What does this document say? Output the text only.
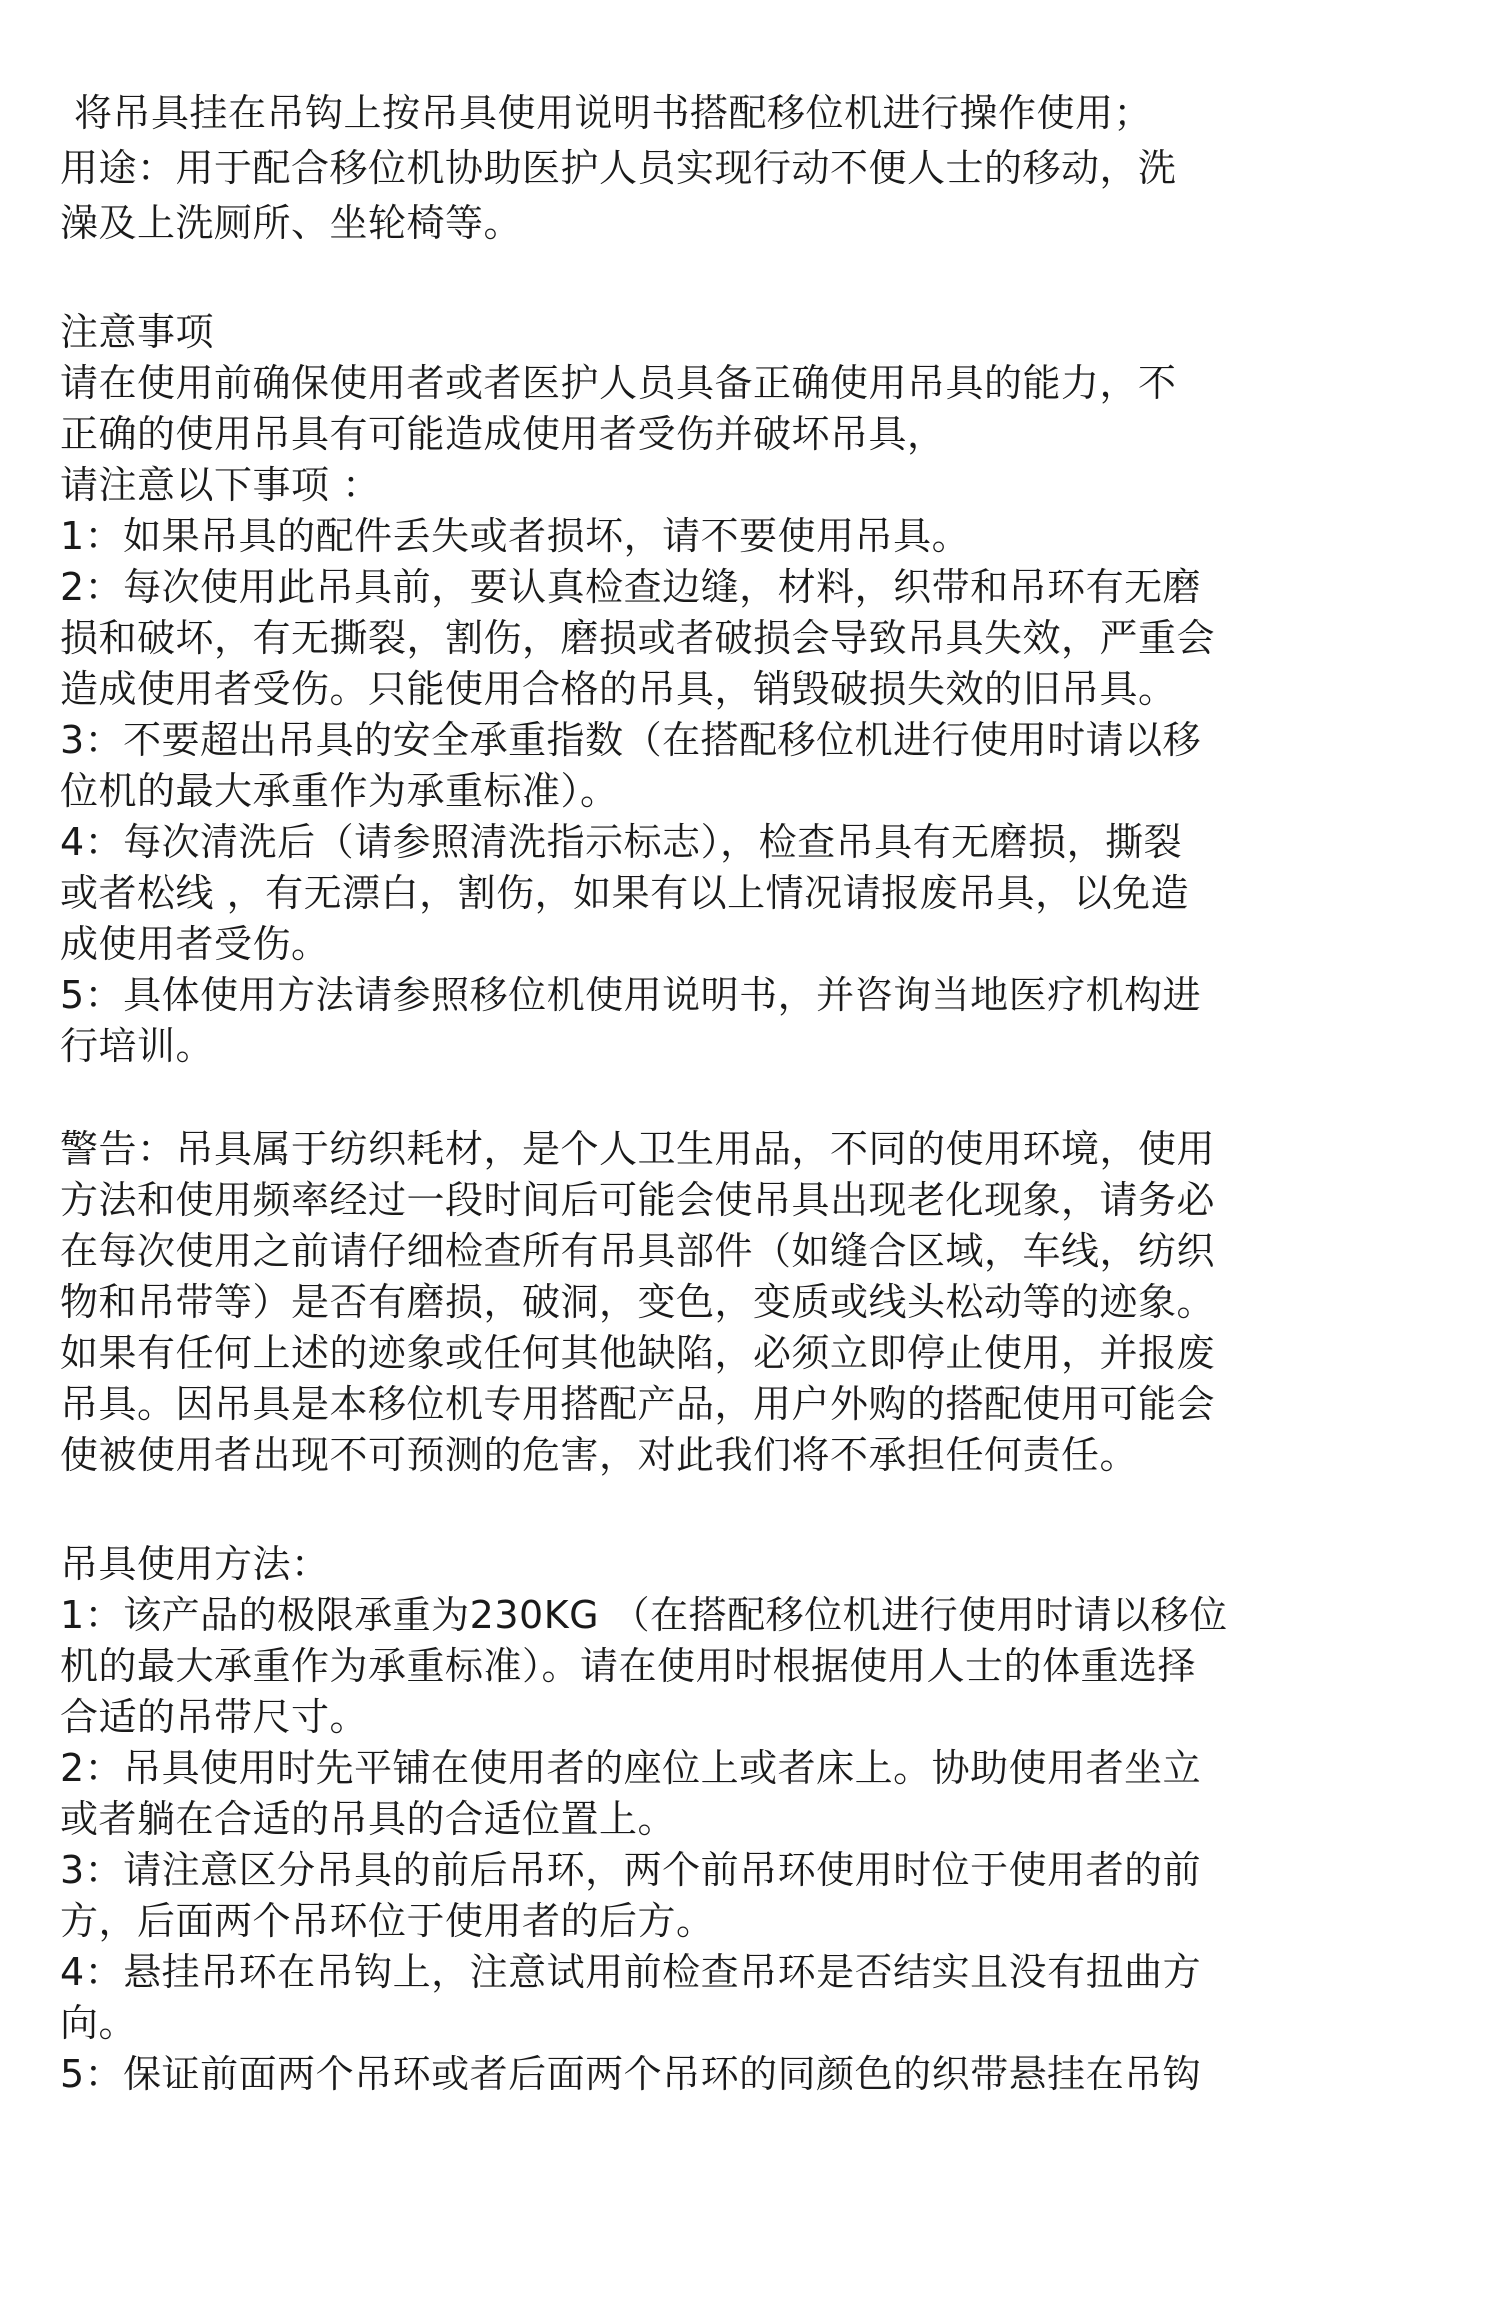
将吊具挂在吊钩上按吊具使用说明书搭配移位机进行操作使用；
用途：用于配合移位机协助医护人员实现行动不便人士的移动，洗
澡及上洗厕所、坐轮椅等。
注意事项
请在使用前确保使用者或者医护人员具备正确使用吊具的能力，不
正确的使用吊具有可能造成使用者受伤并破坏吊具，
请注意以下事项 ：
1：如果吊具的配件丢失或者损坏，请不要使用吊具。
2：每次使用此吊具前，要认真检查边缝，材料，织带和吊环有无磨
损和破坏，有无撕裂，割伤，磨损或者破损会导致吊具失效，严重会
造成使用者受伤。只能使用合格的吊具，销毁破损失效的旧吊具。
3：不要超出吊具的安全承重指数（在搭配移位机进行使用时请以移
位机的最大承重作为承重标准）。
4：每次清洗后（请参照清洗指示标志），检查吊具有无磨损，撕裂
或者松线 ，有无漂白，割伤，如果有以上情况请报废吊具，以免造
成使用者受伤。
5：具体使用方法请参照移位机使用说明书，并咨询当地医疗机构进
行培训。
警告：吊具属于纺织耗材，是个人卫生用品，不同的使用环境，使用
方法和使用频率经过一段时间后可能会使吊具出现老化现象，请务必
在每次使用之前请仔细检查所有吊具部件（如缝合区域，车线，纺织
物和吊带等）是否有磨损，破洞，变色，变质或线头松动等的迹象。
如果有任何上述的迹象或任何其他缺陷，必须立即停止使用，并报废
吊具。因吊具是本移位机专用搭配产品，用户外购的搭配使用可能会
使被使用者出现不可预测的危害，对此我们将不承担任何责任。
吊具使用方法：
1：该产品的极限承重为230KG （在搭配移位机进行使用时请以移位
机的最大承重作为承重标准）。请在使用时根据使用人士的体重选择
合适的吊带尺寸。
2：吊具使用时先平铺在使用者的座位上或者床上。协助使用者坐立
或者躺在合适的吊具的合适位置上。
3：请注意区分吊具的前后吊环，两个前吊环使用时位于使用者的前
方，后面两个吊环位于使用者的后方。
4：悬挂吊环在吊钩上，注意试用前检查吊环是否结实且没有扭曲方
向。
5：保证前面两个吊环或者后面两个吊环的同颜色的织带悬挂在吊钩
